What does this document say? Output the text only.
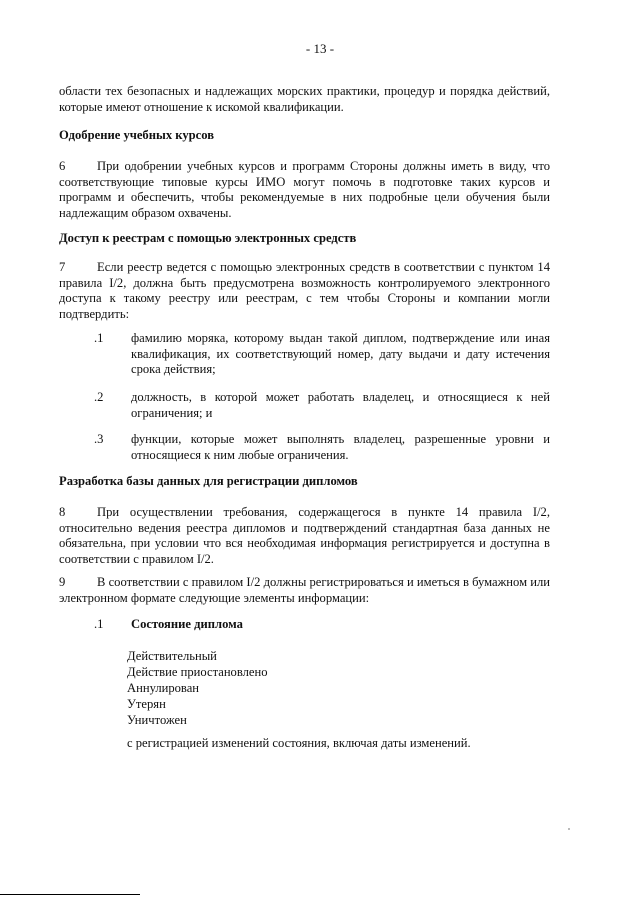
- 13 -

области тех безопасных и надлежащих морских практики, процедур и порядка действий, которые имеют отношение к искомой квалификации.

Одобрение учебных курсов

6	При одобрении учебных курсов и программ Стороны должны иметь в виду, что соответствующие типовые курсы ИМО могут помочь в подготовке таких курсов и программ и обеспечить, чтобы рекомендуемые в них подробные цели обучения были надлежащим образом охвачены.

Доступ к реестрам с помощью электронных средств

7	Если реестр ведется с помощью электронных средств в соответствии с пунктом 14 правила I/2, должна быть предусмотрена возможность контролируемого электронного доступа к такому реестру или реестрам, с тем чтобы Стороны и компании могли подтвердить:

.1 фамилию моряка, которому выдан такой диплом, подтверждение или иная квалификация, их соответствующий номер, дату выдачи и дату истечения срока действия;

.2 должность, в которой может работать владелец, и относящиеся к ней ограничения; и

.3 функции, которые может выполнять владелец, разрешенные уровни и относящиеся к ним любые ограничения.

Разработка базы данных для регистрации дипломов

8	При осуществлении требования, содержащегося в пункте 14 правила I/2, относительно ведения реестра дипломов и подтверждений стандартная база данных не обязательна, при условии что вся необходимая информация регистрируется и доступна в соответствии с правилом I/2.

9	В соответствии с правилом I/2 должны регистрироваться и иметься в бумажном или электронном формате следующие элементы информации:

.1 Состояние диплома

Действительный
Действие приостановлено
Аннулирован
Утерян
Уничтожен

с регистрацией изменений состояния, включая даты изменений.
